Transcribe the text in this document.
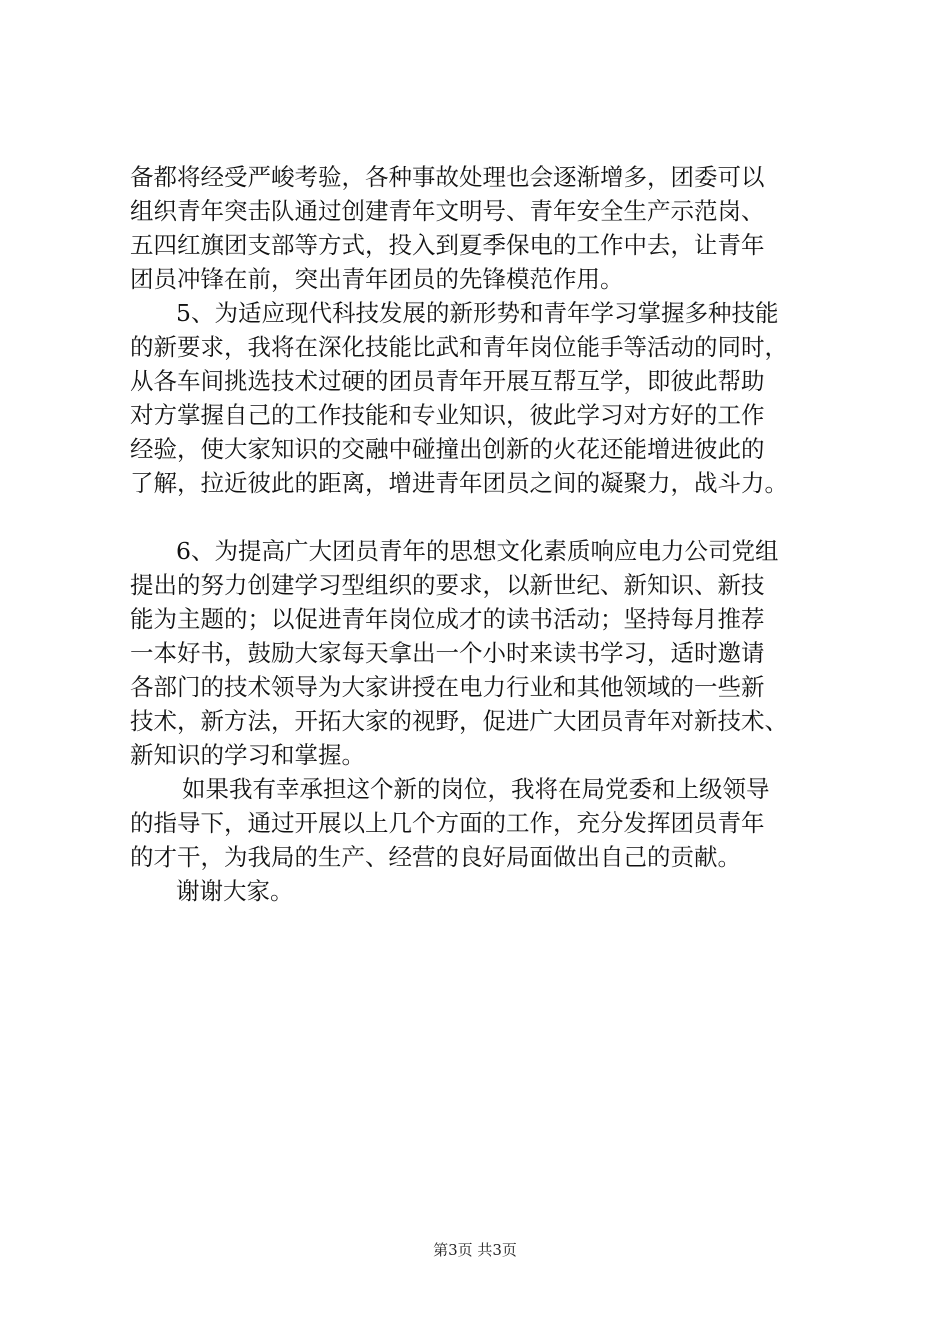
备都将经受严峻考验，各种事故处理也会逐渐增多，团委可以
组织青年突击队通过创建青年文明号、青年安全生产示范岗、
五四红旗团支部等方式，投入到夏季保电的工作中去，让青年
团员冲锋在前，突出青年团员的先锋模范作用。
5、为适应现代科技发展的新形势和青年学习掌握多种技能
的新要求，我将在深化技能比武和青年岗位能手等活动的同时，
从各车间挑选技术过硬的团员青年开展互帮互学，即彼此帮助
对方掌握自己的工作技能和专业知识，彼此学习对方好的工作
经验，使大家知识的交融中碰撞出创新的火花还能增进彼此的
了解，拉近彼此的距离，增进青年团员之间的凝聚力，战斗力。
6、为提高广大团员青年的思想文化素质响应电力公司党组
提出的努力创建学习型组织的要求，以新世纪、新知识、新技
能为主题的；以促进青年岗位成才的读书活动；坚持每月推荐
一本好书，鼓励大家每天拿出一个小时来读书学习，适时邀请
各部门的技术领导为大家讲授在电力行业和其他领域的一些新
技术，新方法，开拓大家的视野，促进广大团员青年对新技术、
新知识的学习和掌握。
如果我有幸承担这个新的岗位，我将在局党委和上级领导
的指导下，通过开展以上几个方面的工作，充分发挥团员青年
的才干，为我局的生产、经营的良好局面做出自己的贡献。
谢谢大家。
第3页 共3页
